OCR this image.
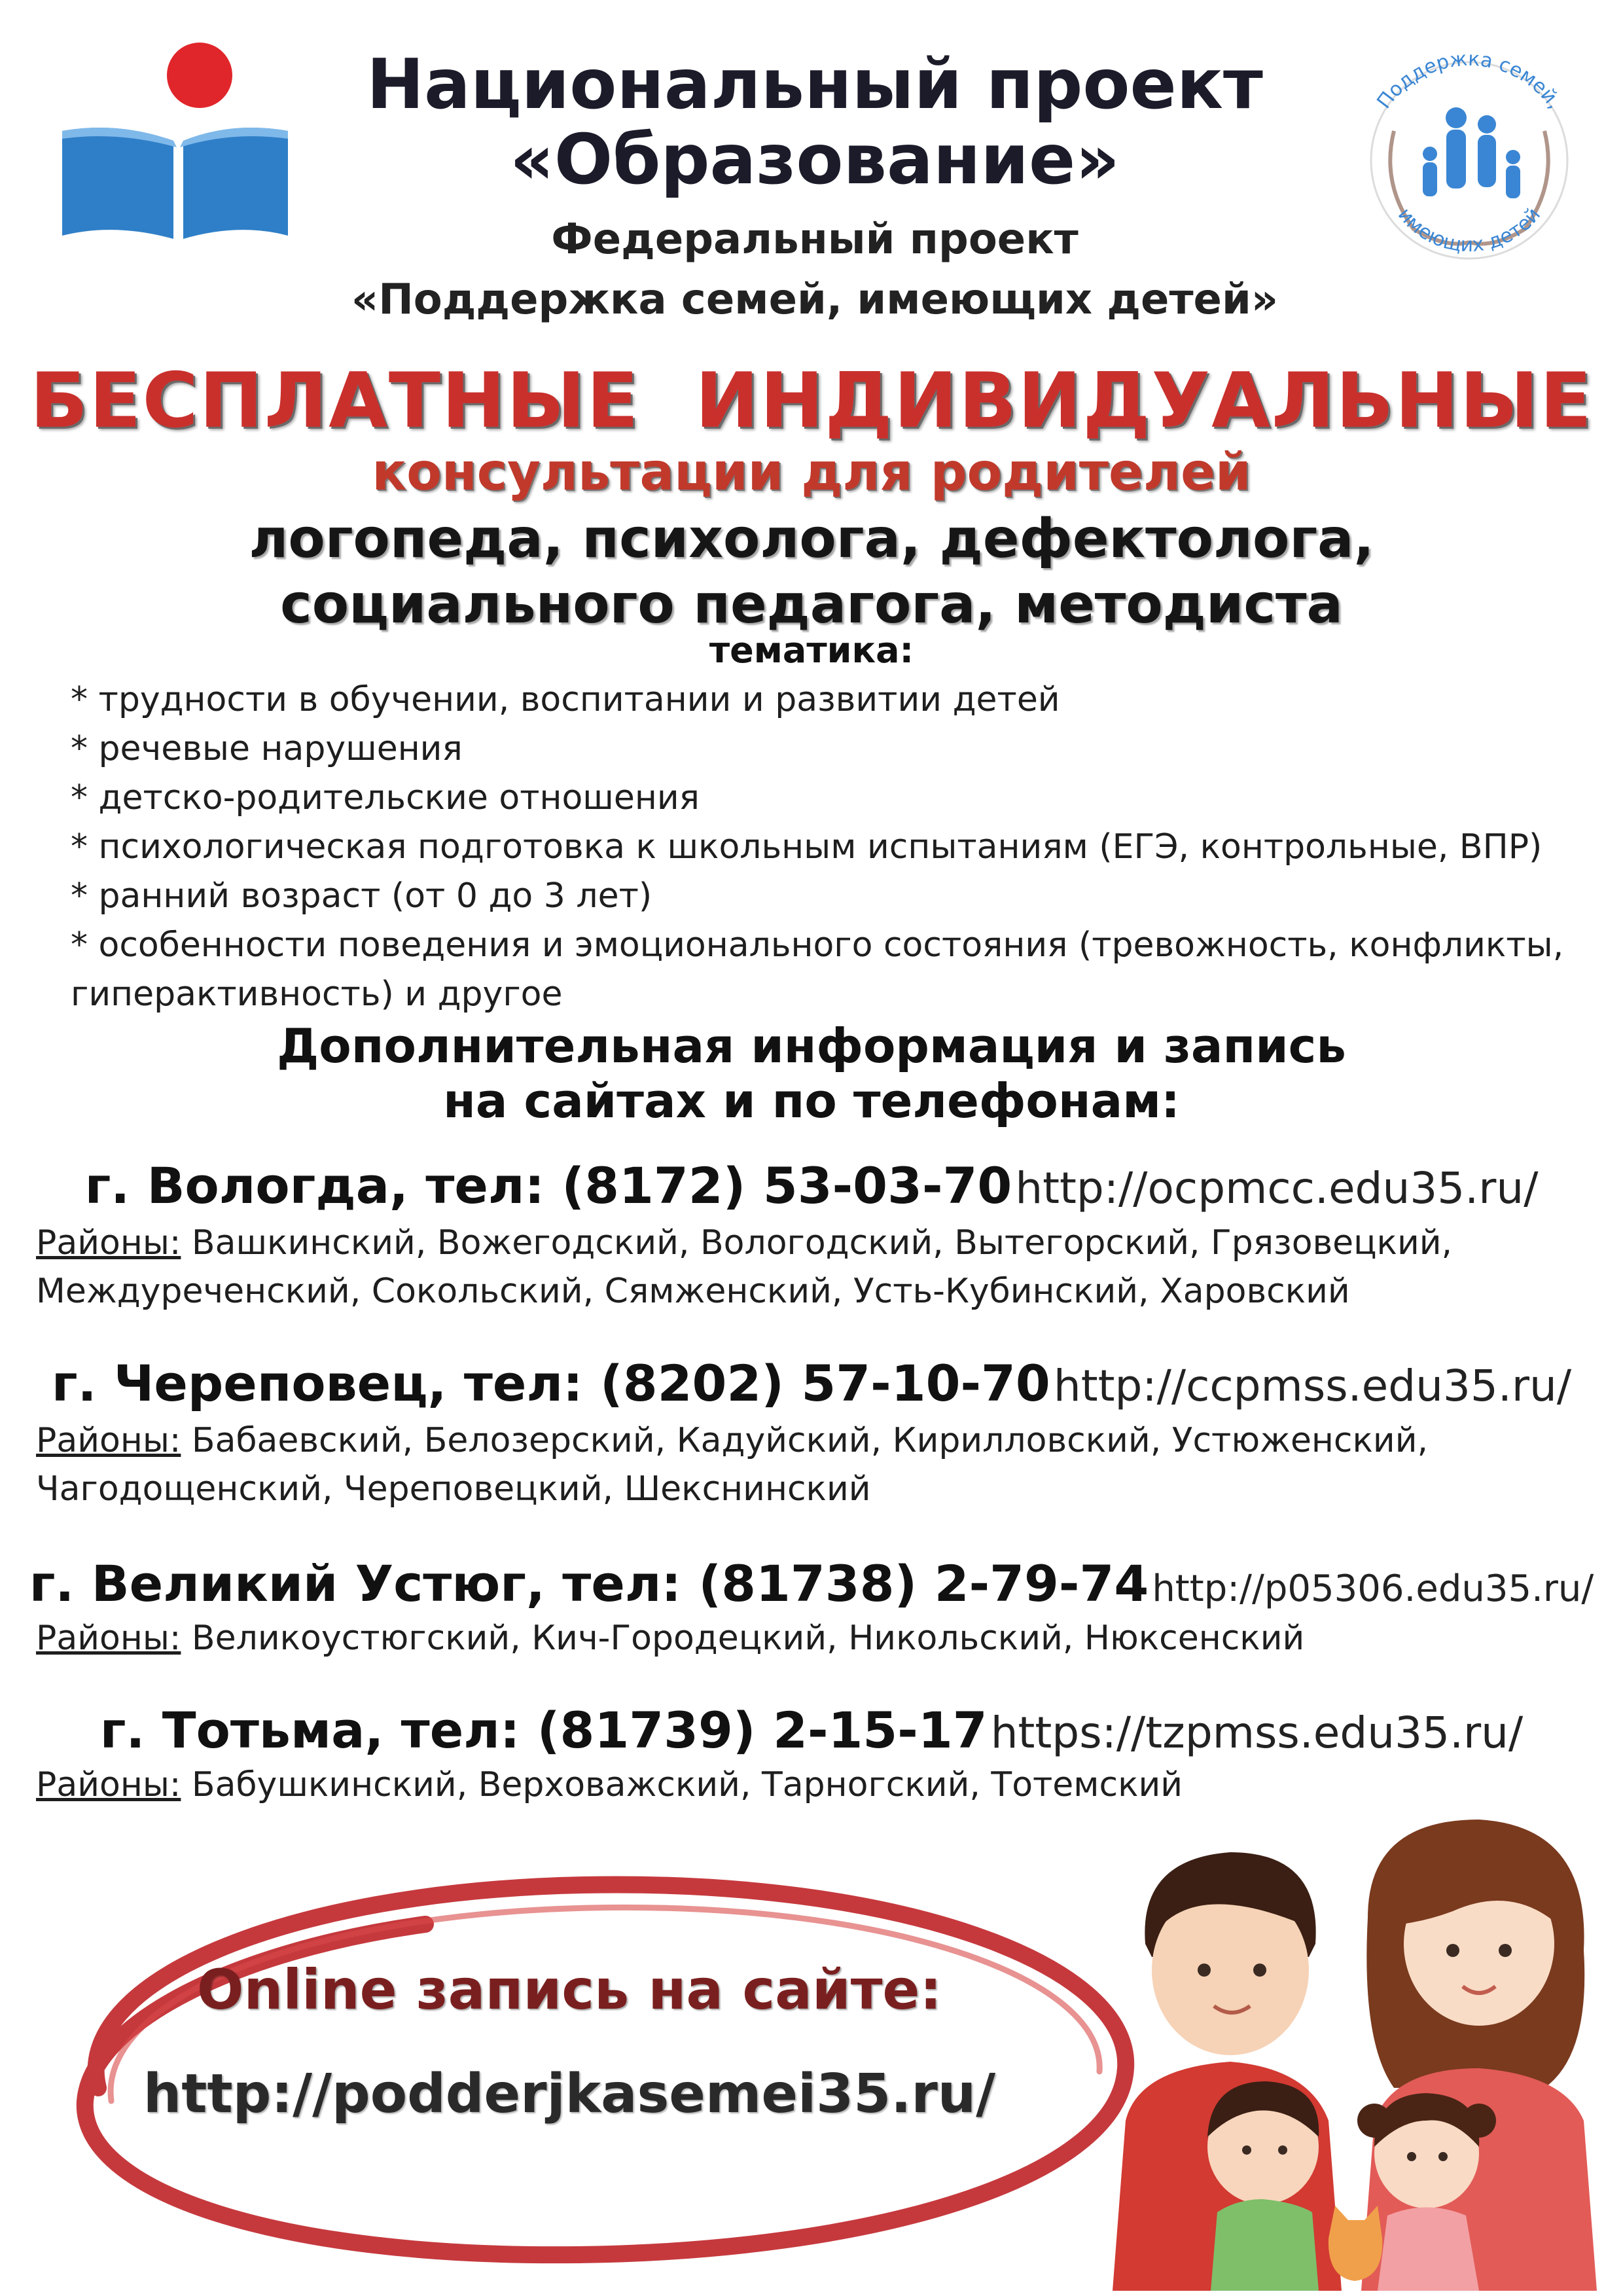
Поддержка семей,
имеющих детей
Национальный проект
«Образование»
Федеральный проект
«Поддержка семей, имеющих детей»
БЕСПЛАТНЫЕ  ИНДИВИДУАЛЬНЫЕ
консультации для родителей
логопеда, психолога, дефектолога,
социального педагога, методиста
тематика:
* трудности в обучении, воспитании и развитии детей
* речевые нарушения
* детско-родительские отношения
* психологическая подготовка к школьным испытаниям (ЕГЭ, контрольные, ВПР)
* ранний возраст (от 0 до 3 лет)
* особенности поведения и эмоционального состояния (тревожность, конфликты,
гиперактивность) и другое
Дополнительная информация и запись
на сайтах и по телефонам:
г. Вологда, тел: (8172) 53-03-70 http://ocpmcc.edu35.ru/
Районы: Вашкинский, Вожегодский, Вологодский, Вытегорский, Грязовецкий,
Междуреченский, Сокольский, Сямженский, Усть-Кубинский, Харовский
г. Череповец, тел: (8202) 57-10-70 http://ccpmss.edu35.ru/
Районы: Бабаевский, Белозерский, Кадуйский, Кирилловский, Устюженский,
Чагодощенский, Череповецкий, Шекснинский
г. Великий Устюг, тел: (81738) 2-79-74 http://p05306.edu35.ru/
Районы: Великоустюгский, Кич-Городецкий, Никольский, Нюксенский
г. Тотьма, тел: (81739) 2-15-17 https://tzpmss.edu35.ru/
Районы: Бабушкинский, Верховажский, Тарногский, Тотемский
Online запись на сайте:
http://podderjkasemei35.ru/
